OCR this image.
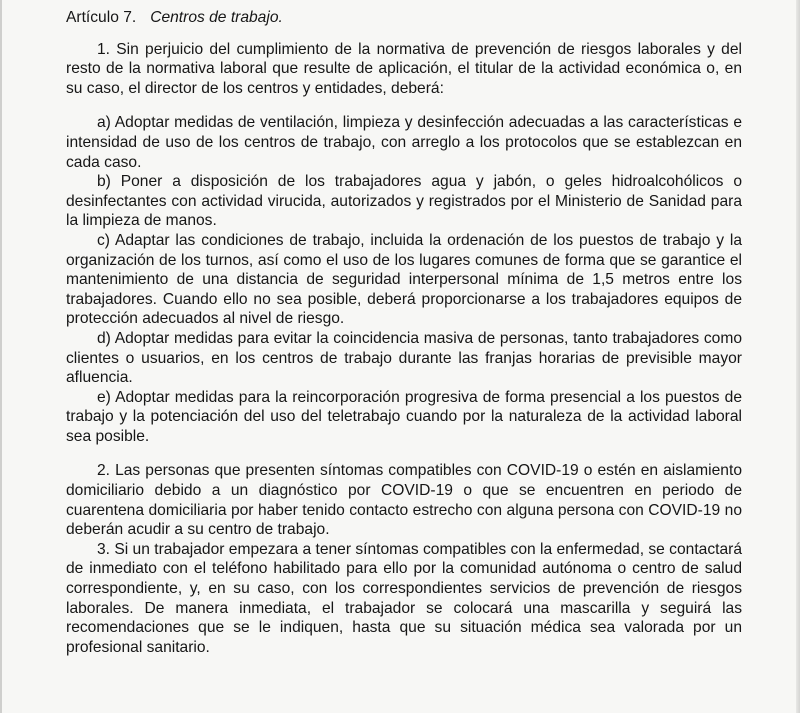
Artículo 7. Centros de trabajo.

1. Sin perjuicio del cumplimiento de la normativa de prevención de riesgos laborales y del resto de la normativa laboral que resulte de aplicación, el titular de la actividad económica o, en su caso, el director de los centros y entidades, deberá:

a) Adoptar medidas de ventilación, limpieza y desinfección adecuadas a las características e intensidad de uso de los centros de trabajo, con arreglo a los protocolos que se establezcan en cada caso.

b) Poner a disposición de los trabajadores agua y jabón, o geles hidroalcohólicos o desinfectantes con actividad virucida, autorizados y registrados por el Ministerio de Sanidad para la limpieza de manos.

c) Adaptar las condiciones de trabajo, incluida la ordenación de los puestos de trabajo y la organización de los turnos, así como el uso de los lugares comunes de forma que se garantice el mantenimiento de una distancia de seguridad interpersonal mínima de 1,5 metros entre los trabajadores. Cuando ello no sea posible, deberá proporcionarse a los trabajadores equipos de protección adecuados al nivel de riesgo.

d) Adoptar medidas para evitar la coincidencia masiva de personas, tanto trabajadores como clientes o usuarios, en los centros de trabajo durante las franjas horarias de previsible mayor afluencia.

e) Adoptar medidas para la reincorporación progresiva de forma presencial a los puestos de trabajo y la potenciación del uso del teletrabajo cuando por la naturaleza de la actividad laboral sea posible.

2. Las personas que presenten síntomas compatibles con COVID-19 o estén en aislamiento domiciliario debido a un diagnóstico por COVID-19 o que se encuentren en periodo de cuarentena domiciliaria por haber tenido contacto estrecho con alguna persona con COVID-19 no deberán acudir a su centro de trabajo.

3. Si un trabajador empezara a tener síntomas compatibles con la enfermedad, se contactará de inmediato con el teléfono habilitado para ello por la comunidad autónoma o centro de salud correspondiente, y, en su caso, con los correspondientes servicios de prevención de riesgos laborales. De manera inmediata, el trabajador se colocará una mascarilla y seguirá las recomendaciones que se le indiquen, hasta que su situación médica sea valorada por un profesional sanitario.
